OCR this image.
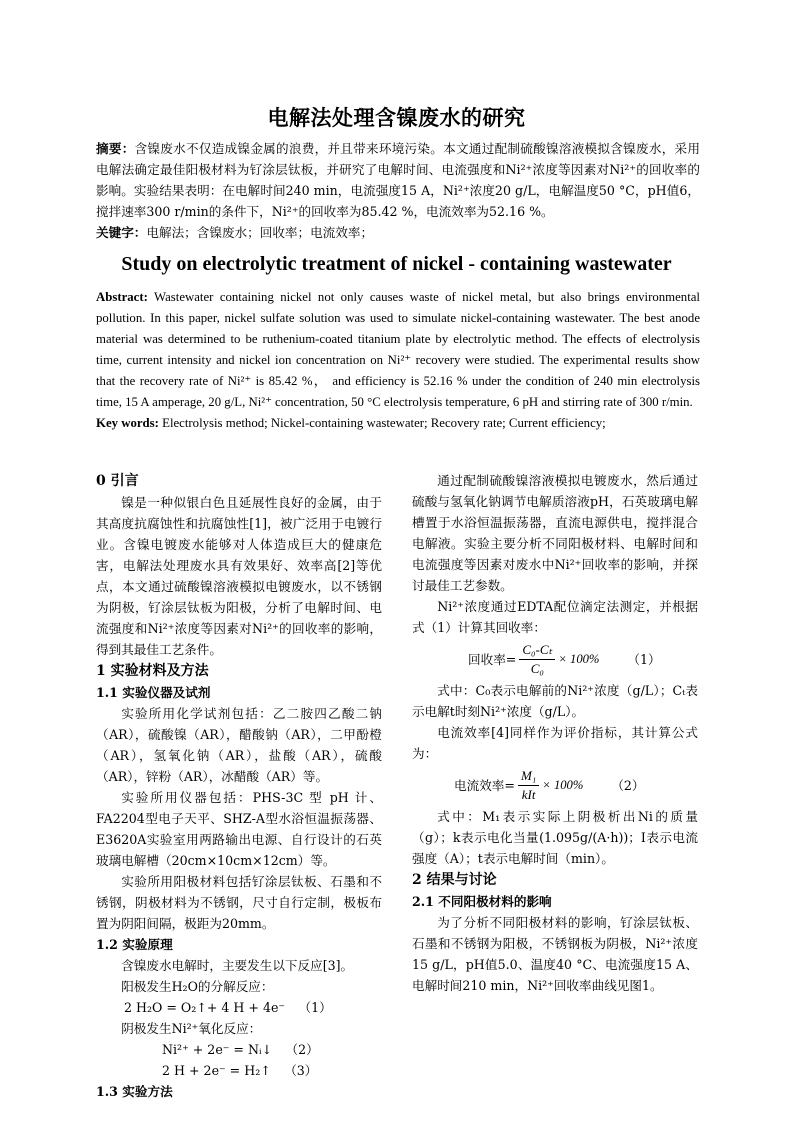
电解法处理含镍废水的研究

摘要：含镍废水不仅造成镍金属的浪费，并且带来环境污染。本文通过配制硫酸镍溶液模拟含镍废水，采用电解法确定最佳阳极材料为钌涂层钛板，并研究了电解时间、电流强度和Ni²⁺浓度等因素对Ni²⁺的回收率的影响。实验结果表明：在电解时间240 min，电流强度15 A，Ni²⁺浓度20 g/L，电解温度50 °C，pH值6，搅拌速率300 r/min的条件下，Ni²⁺的回收率为85.42 %，电流效率为52.16 %。

关键字：电解法；含镍废水；回收率；电流效率；

Study on electrolytic treatment of nickel - containing wastewater

Abstract: Wastewater containing nickel not only causes waste of nickel metal, but also brings environmental pollution. In this paper, nickel sulfate solution was used to simulate nickel-containing wastewater. The best anode material was determined to be ruthenium-coated titanium plate by electrolytic method. The effects of electrolysis time, current intensity and nickel ion concentration on Ni²⁺ recovery were studied. The experimental results show that the recovery rate of Ni²⁺ is 85.42 %， and efficiency is 52.16 % under the condition of 240 min electrolysis time, 15 A amperage, 20 g/L, Ni²⁺ concentration, 50 °C electrolysis temperature, 6 pH and stirring rate of 300 r/min.

Key words: Electrolysis method; Nickel-containing wastewater; Recovery rate; Current efficiency;

0 引言

镍是一种似银白色且延展性良好的金属，由于其高度抗腐蚀性和抗腐蚀性[1]，被广泛用于电镀行业。含镍电镀废水能够对人体造成巨大的健康危害，电解法处理废水具有效果好、效率高[2]等优点，本文通过硫酸镍溶液模拟电镀废水，以不锈钢为阴极，钌涂层钛板为阳极，分析了电解时间、电流强度和Ni²⁺浓度等因素对Ni²⁺的回收率的影响，得到其最佳工艺条件。

1 实验材料及方法
1.1 实验仪器及试剂

实验所用化学试剂包括：乙二胺四乙酸二钠（AR），硫酸镍（AR），醋酸钠（AR），二甲酚橙（AR），氢氧化钠（AR），盐酸（AR），硫酸（AR），锌粉（AR），冰醋酸（AR）等。

实验所用仪器包括：PHS-3C 型 pH 计、FA2204型电子天平、SHZ-A型水浴恒温振荡器、E3620A实验室用两路输出电源、自行设计的石英玻璃电解槽（20cm×10cm×12cm）等。

实验所用阳极材料包括钌涂层钛板、石墨和不锈钢，阴极材料为不锈钢，尺寸自行定制，极板布置为阴阳间隔，极距为20mm。

1.2 实验原理

含镍废水电解时，主要发生以下反应[3]。

阳极发生H₂O的分解反应：

2 H₂O = O₂↑+ 4 H + 4e⁻ （1）

阴极发生Ni²⁺氧化反应：

Ni²⁺ + 2e⁻ = Nᵢ↓ （2）
2 H + 2e⁻ = H₂↑ （3）
1.3 实验方法

通过配制硫酸镍溶液模拟电镀废水，然后通过硫酸与氢氧化钠调节电解质溶液pH，石英玻璃电解槽置于水浴恒温振荡器，直流电源供电，搅拌混合电解液。实验主要分析不同阳极材料、电解时间和电流强度等因素对废水中Ni²⁺回收率的影响，并探讨最佳工艺参数。

Ni²⁺浓度通过EDTA配位滴定法测定，并根据式（1）计算其回收率：

回收率= $\frac{\text{C₀-Cₜ}}{\text{C₀}} \times 100\%$ （1）

式中：C₀表示电解前的Ni²⁺浓度（g/L）；Cₜ表示电解t时刻Ni²⁺浓度（g/L）。

电流效率[4]同样作为评价指标，其计算公式为：

电流效率= $\frac{\text{M₁}}{\text{kIt}} \times 100\%$ （2）

式中：M₁表示实际上阴极析出Ni的质量（g）；k表示电化当量(1.095g/(A·h))；I表示电流强度（A）；t表示电解时间（min）。

2 结果与讨论
2.1 不同阳极材料的影响

为了分析不同阳极材料的影响，钌涂层钛板、石墨和不锈钢为阳极，不锈钢板为阴极，Ni²⁺浓度15 g/L，pH值5.0、温度40 °C、电流强度15 A、电解时间210 min，Ni²⁺回收率曲线见图1。
